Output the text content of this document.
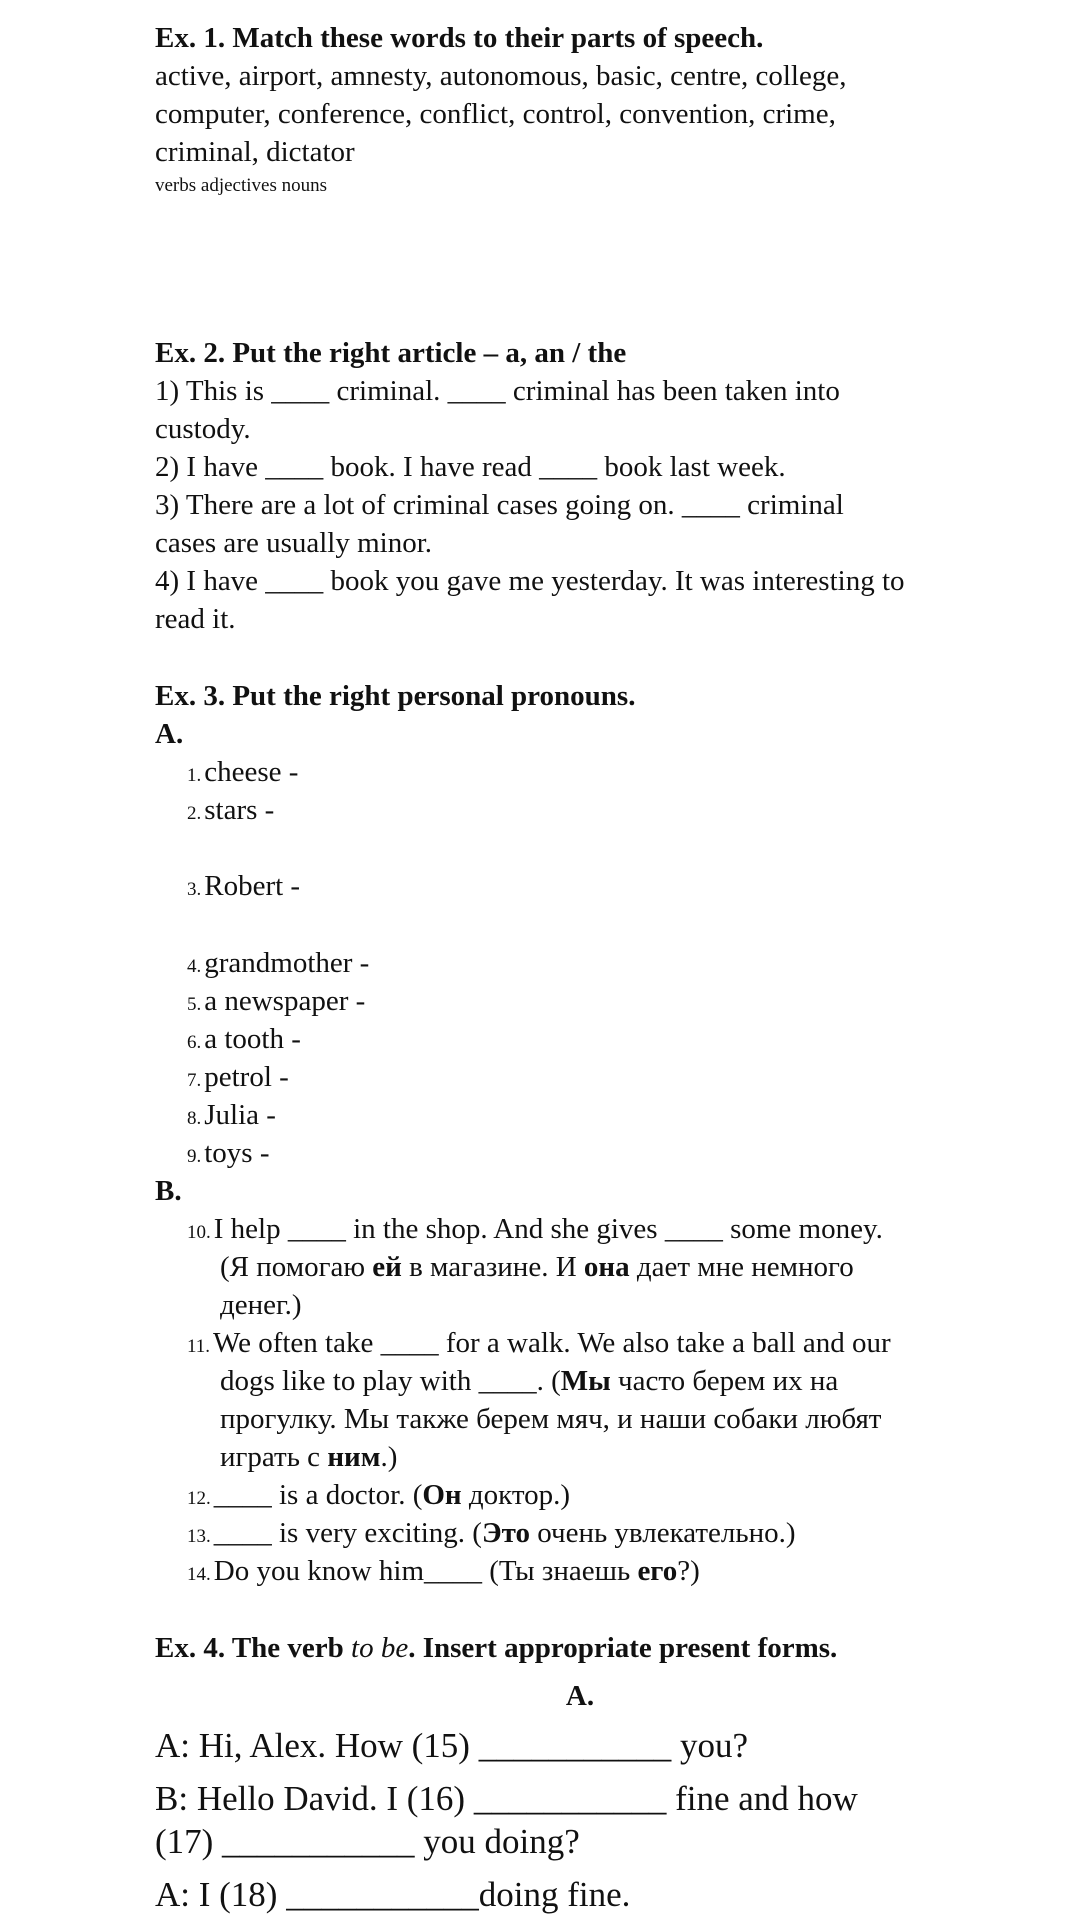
Ex. 1. Match these words to their parts of speech.
active, airport, amnesty, autonomous, basic, centre, college,
computer, conference, conflict, control, convention, crime,
criminal, dictator
verbs adjectives nouns
Ex. 2. Put the right article – a, an / the
1) This is ____ criminal. ____ criminal has been taken into
custody.
2) I have ____ book. I have read ____ book last week.
3) There are a lot of criminal cases going on. ____ criminal
cases are usually minor.
4) I have ____ book you gave me yesterday. It was interesting to
read it.
Ex. 3. Put the right personal pronouns.
A.
1. cheese -
2. stars -
3. Robert -
4. grandmother -
5. a newspaper -
6. a tooth -
7. petrol -
8. Julia -
9. toys -
B.
10. I help ____ in the shop. And she gives ____ some money.
(Я помогаю ей в магазине. И она дает мне немного
денег.)
11. We often take ____ for a walk. We also take a ball and our
dogs like to play with ____. (Мы часто берем их на
прогулку. Мы также берем мяч, и наши собаки любят
играть с ним.)
12. ____ is a doctor. (Он доктор.)
13. ____ is very exciting. (Это очень увлекательно.)
14. Do you know him____ (Ты знаешь его?)
Ex. 4. The verb to be. Insert appropriate present forms.
A.
A: Hi, Alex. How (15) ___________ you?
B: Hello David. I (16) ___________ fine and how
(17) ___________ you doing?
A: I (18) ___________doing fine.
